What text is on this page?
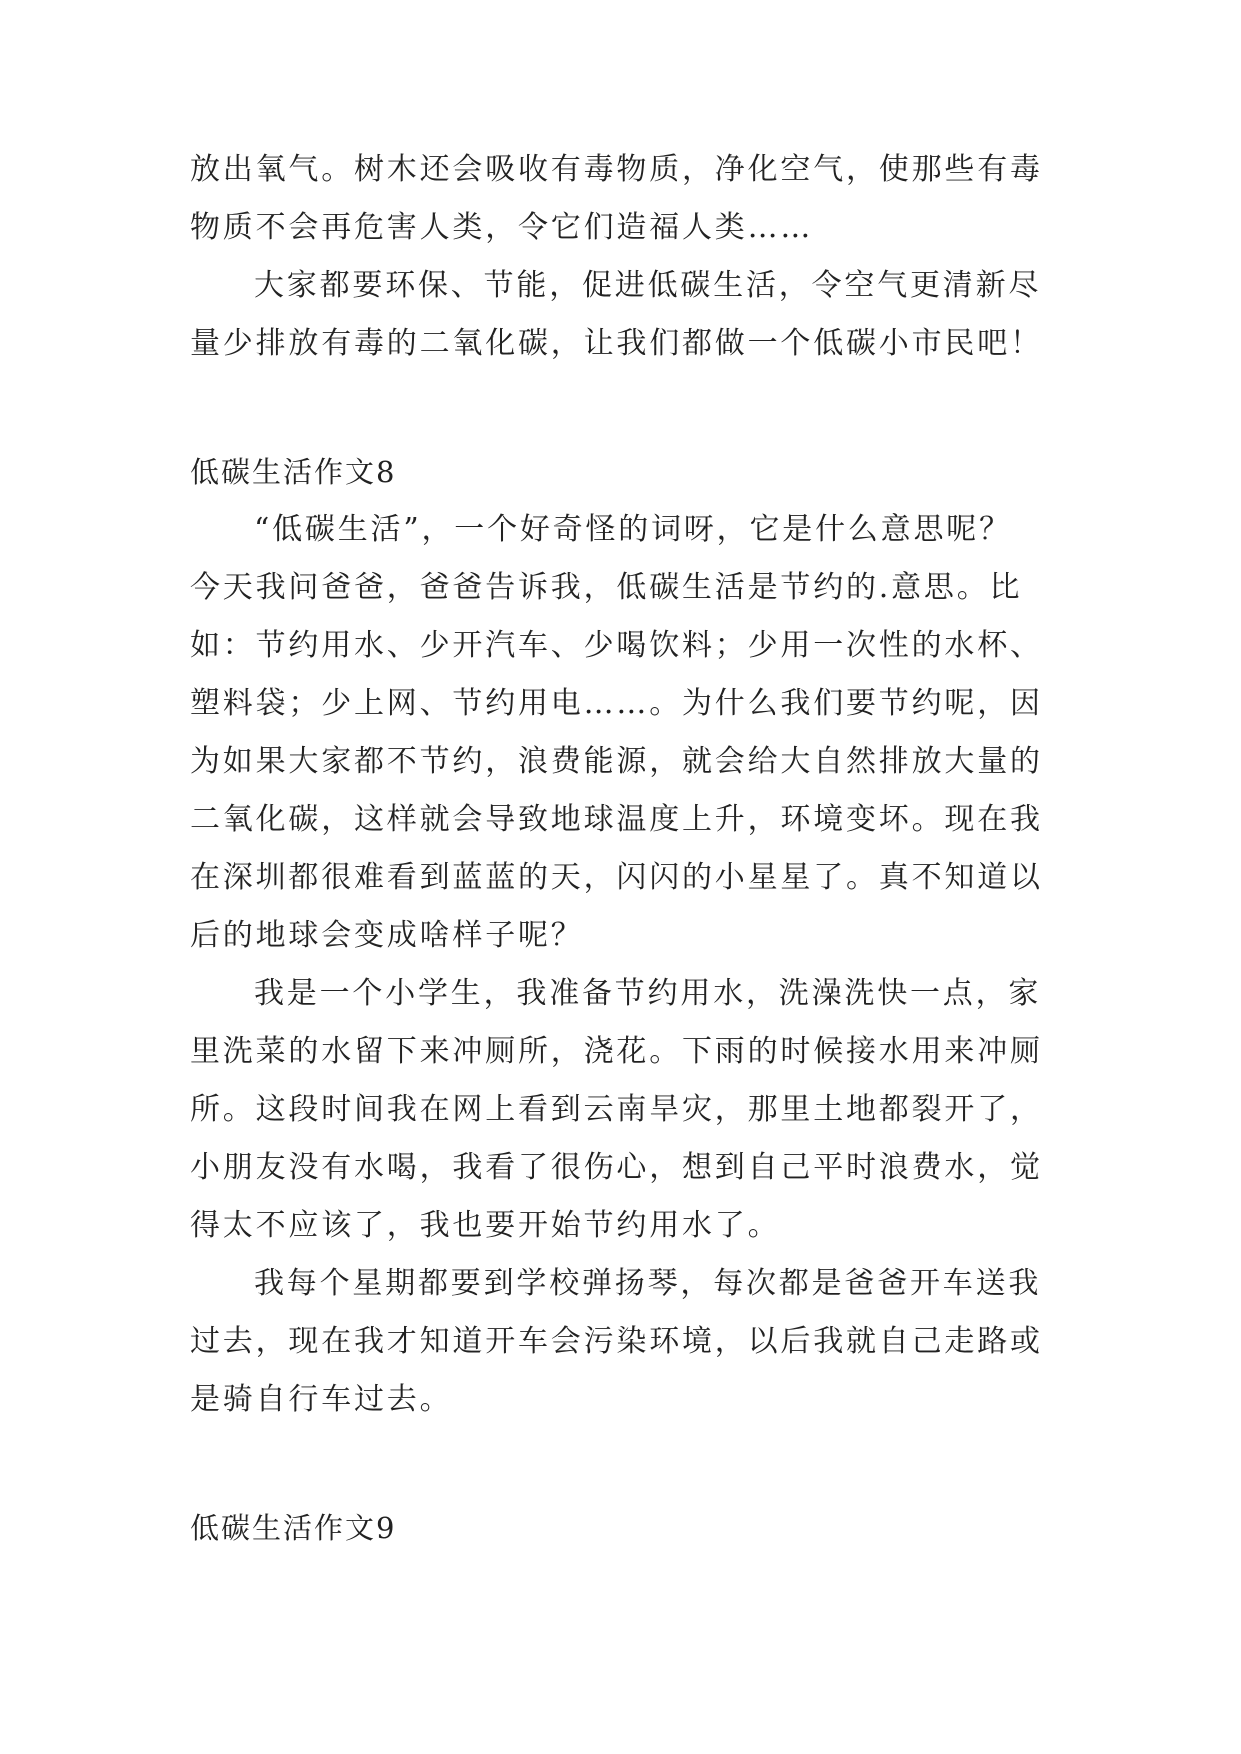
放出氧气。树木还会吸收有毒物质，净化空气，使那些有毒
物质不会再危害人类，令它们造福人类……
大家都要环保、节能，促进低碳生活，令空气更清新尽
量少排放有毒的二氧化碳，让我们都做一个低碳小市民吧！
低碳生活作文8
“低碳生活”，一个好奇怪的词呀，它是什么意思呢？
今天我问爸爸，爸爸告诉我，低碳生活是节约的.意思。比
如：节约用水、少开汽车、少喝饮料；少用一次性的水杯、
塑料袋；少上网、节约用电……。为什么我们要节约呢，因
为如果大家都不节约，浪费能源，就会给大自然排放大量的
二氧化碳，这样就会导致地球温度上升，环境变坏。现在我
在深圳都很难看到蓝蓝的天，闪闪的小星星了。真不知道以
后的地球会变成啥样子呢？
我是一个小学生，我准备节约用水，洗澡洗快一点，家
里洗菜的水留下来冲厕所，浇花。下雨的时候接水用来冲厕
所。这段时间我在网上看到云南旱灾，那里土地都裂开了，
小朋友没有水喝，我看了很伤心，想到自己平时浪费水，觉
得太不应该了，我也要开始节约用水了。
我每个星期都要到学校弹扬琴，每次都是爸爸开车送我
过去，现在我才知道开车会污染环境，以后我就自己走路或
是骑自行车过去。
低碳生活作文9
